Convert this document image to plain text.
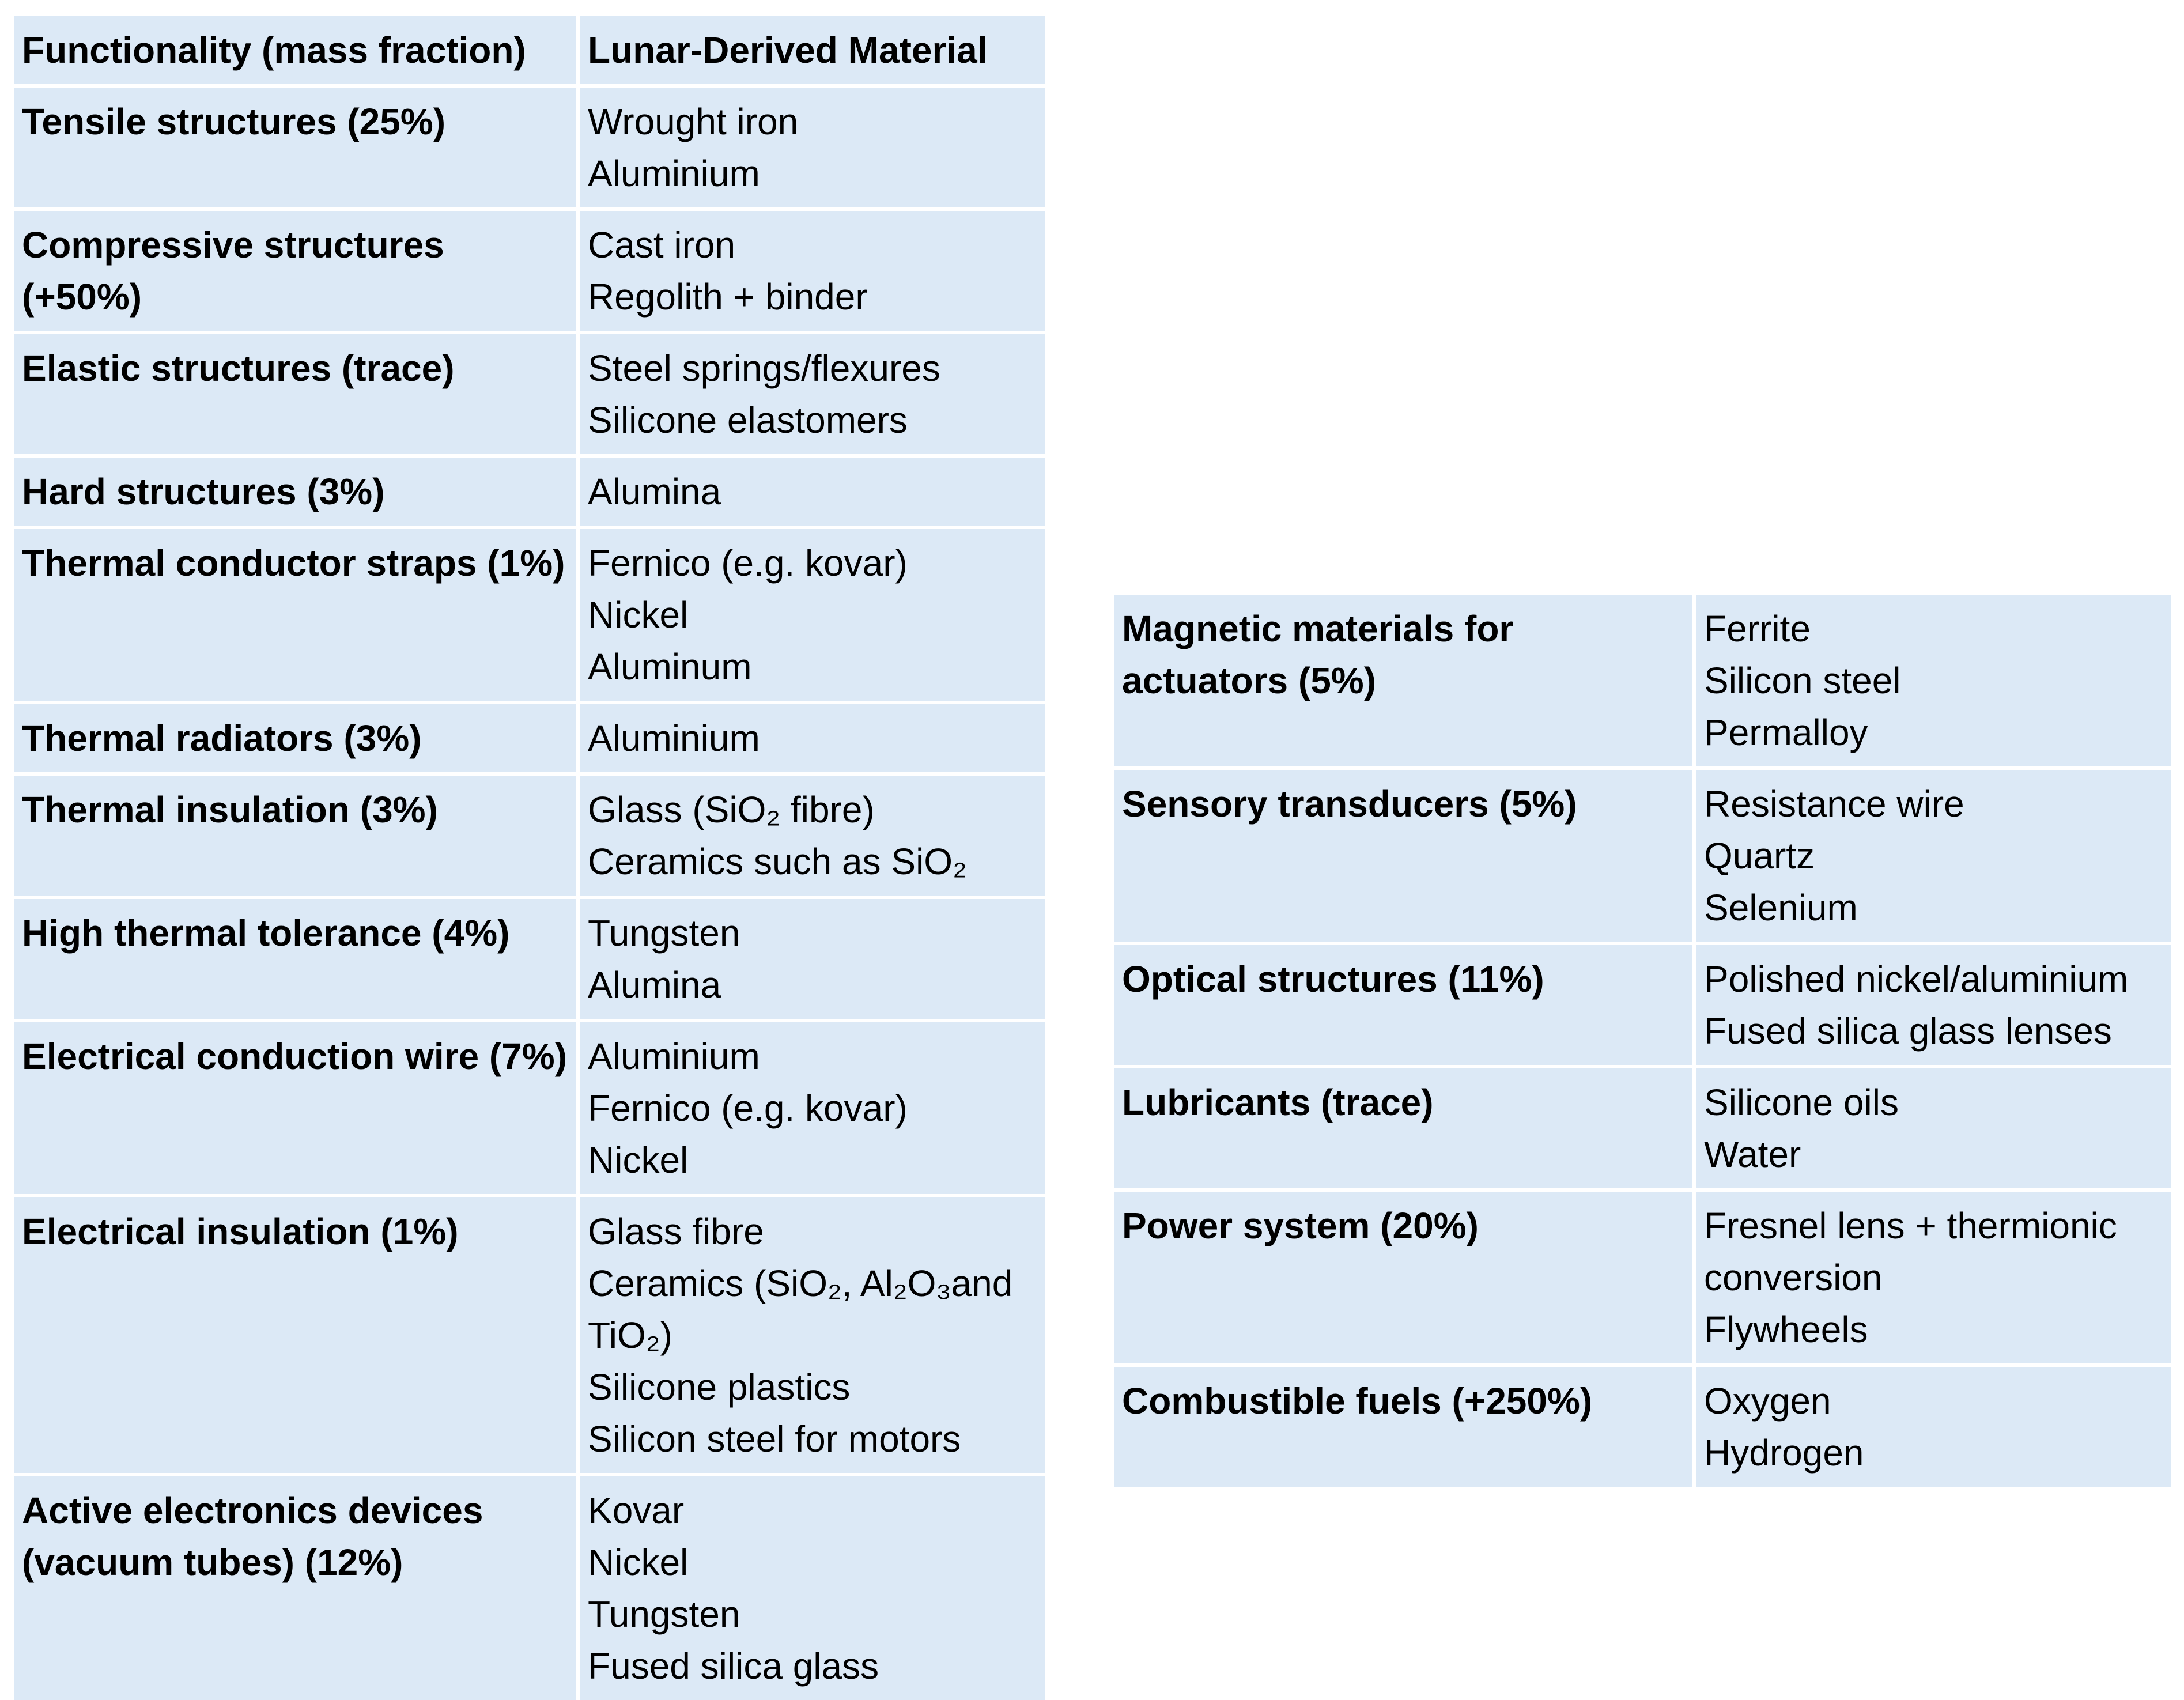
Functionality (mass fraction)	Lunar-Derived Material
Tensile structures (25%)	Wrought iron
Aluminium

Compressive structures (+50%)	Cast iron
Regolith + binder

Elastic structures (trace)	Steel springs/flexures
Silicone elastomers

Hard structures (3%)	Alumina

Thermal conductor straps (1%)	Fernico (e.g. kovar)
Nickel
Aluminum

Thermal radiators (3%)	Aluminium

Thermal insulation (3%)	Glass (SiO₂ fibre)
Ceramics such as SiO₂

High thermal tolerance (4%)	Tungsten
Alumina

Electrical conduction wire (7%)	Aluminium
Fernico (e.g. kovar)
Nickel

Electrical insulation (1%)	Glass fibre
Ceramics (SiO₂, Al₂O₃and TiO₂)
Silicone plastics
Silicon steel for motors

Active electronics devices (vacuum tubes) (12%)	Kovar
Nickel
Tungsten
Fused silica glass
Magnetic materials for actuators (5%)	Ferrite
Silicon steel
Permalloy

Sensory transducers (5%)	Resistance wire
Quartz
Selenium

Optical structures (11%)	Polished nickel/aluminium
Fused silica glass lenses

Lubricants (trace)	Silicone oils
Water

Power system (20%)	Fresnel lens + thermionic conversion
Flywheels

Combustible fuels (+250%)	Oxygen
Hydrogen
